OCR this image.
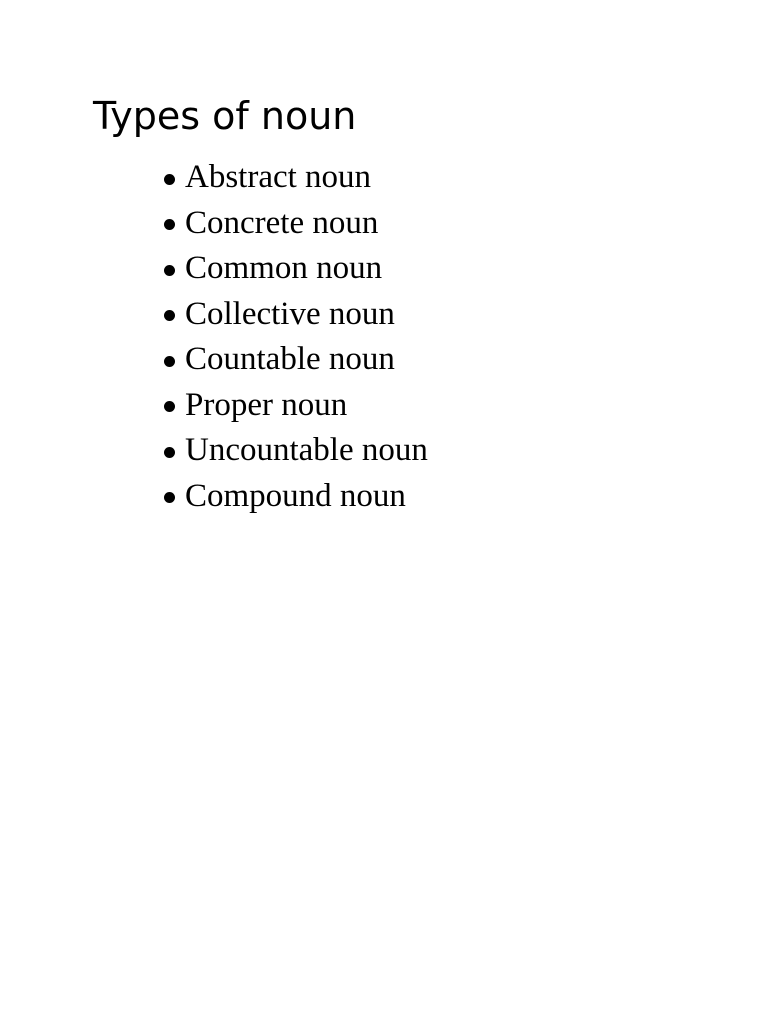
Types of noun
Abstract noun
Concrete noun
Common noun
Collective noun
Countable noun
Proper noun
Uncountable noun
Compound noun
